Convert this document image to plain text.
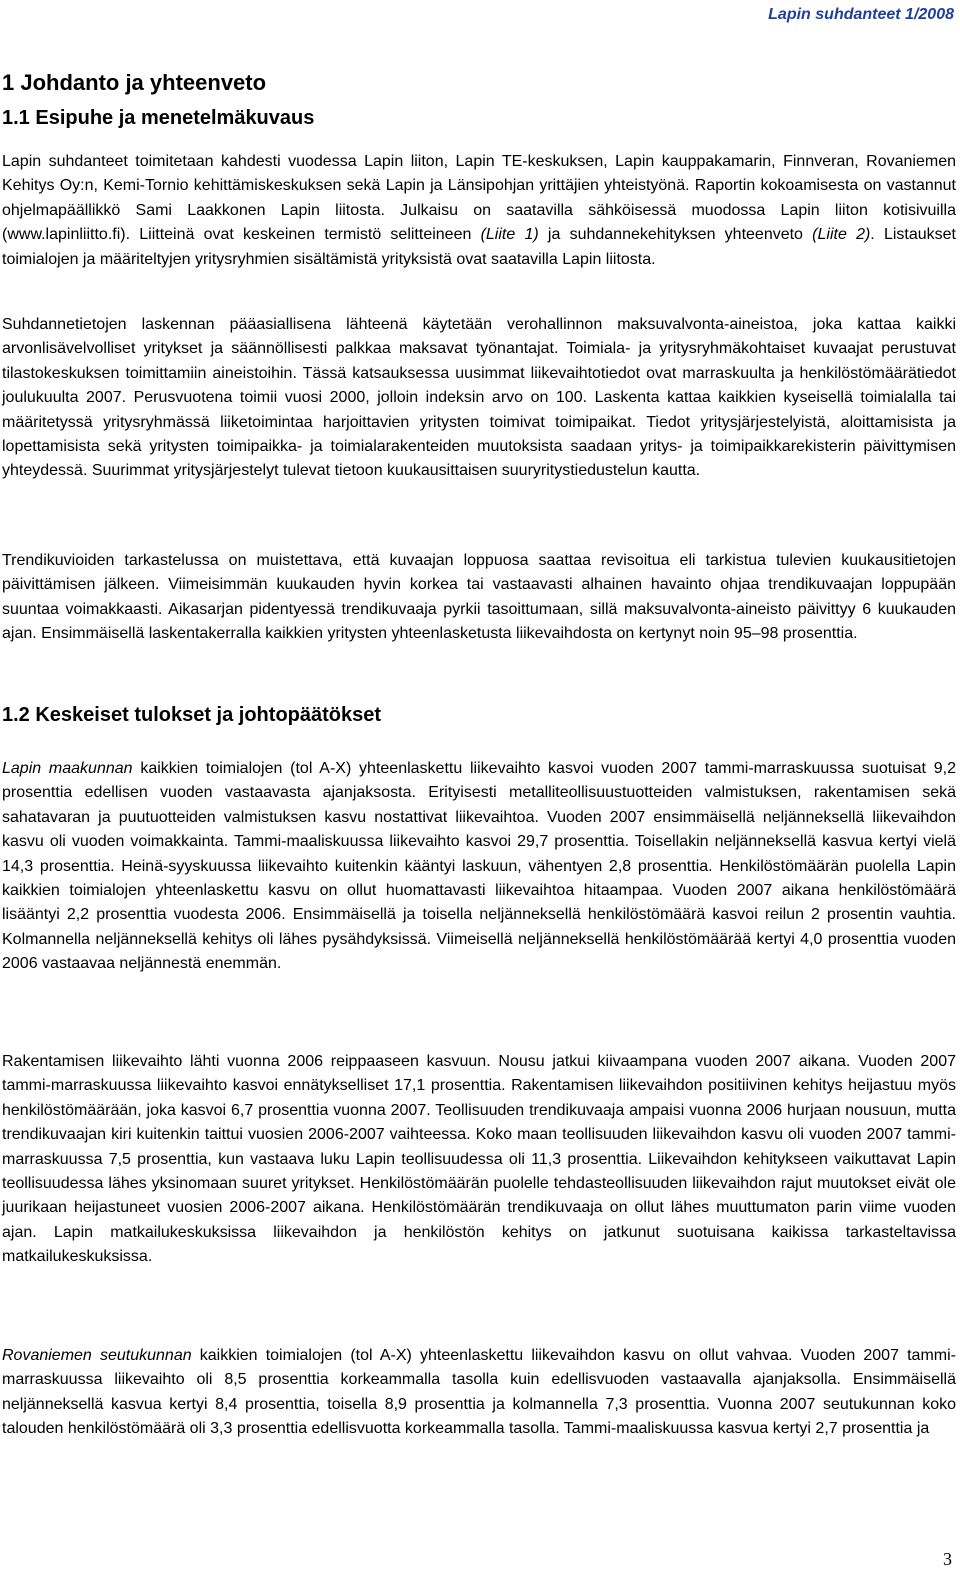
Lapin suhdanteet 1/2008
1 Johdanto ja yhteenveto
1.1 Esipuhe ja menetelmäkuvaus

Lapin suhdanteet toimitetaan kahdesti vuodessa Lapin liiton, Lapin TE-keskuksen, Lapin kauppakamarin, Finnveran, Rovaniemen Kehitys Oy:n, Kemi-Tornio kehittämiskeskuksen sekä Lapin ja Länsipohjan yrittäjien yhteistyönä. Raportin kokoamisesta on vastannut ohjelmapäällikkö Sami Laakkonen Lapin liitosta. Julkaisu on saatavilla sähköisessä muodossa Lapin liiton kotisivuilla (www.lapinliitto.fi). Liitteinä ovat keskeinen termistö selitteineen (Liite 1) ja suhdannekehityksen yhteenveto (Liite 2). Listaukset toimialojen ja määriteltyjen yritysryhmien sisältämistä yrityksistä ovat saatavilla Lapin liitosta.

Suhdannetietojen laskennan pääasiallisena lähteenä käytetään verohallinnon maksuvalvonta-aineistoa, joka kattaa kaikki arvonlisävelvolliset yritykset ja säännöllisesti palkkaa maksavat työnantajat. Toimiala- ja yritysryhmäkohtaiset kuvaajat perustuvat tilastokeskuksen toimittamiin aineistoihin. Tässä katsauksessa uusimmat liikevaihtotiedot ovat marraskuulta ja henkilöstömäärätiedot joulukuulta 2007. Perusvuotena toimii vuosi 2000, jolloin indeksin arvo on 100. Laskenta kattaa kaikkien kyseisellä toimialalla tai määritetyssä yritysryhmässä liiketoimintaa harjoittavien yritysten toimivat toimipaikat. Tiedot yritysjärjestelyistä, aloittamisista ja lopettamisista sekä yritysten toimipaikka- ja toimialarakenteiden muutoksista saadaan yritys- ja toimipaikkarekisterin päivittymisen yhteydessä. Suurimmat yritysjärjestelyt tulevat tietoon kuukausittaisen suuryritystiedustelun kautta.

Trendikuvioiden tarkastelussa on muistettava, että kuvaajan loppuosa saattaa revisoitua eli tarkistua tulevien kuukausitietojen päivittämisen jälkeen. Viimeisimmän kuukauden hyvin korkea tai vastaavasti alhainen havainto ohjaa trendikuvaajan loppupään suuntaa voimakkaasti. Aikasarjan pidentyessä trendikuvaaja pyrkii tasoittumaan, sillä maksuvalvonta-aineisto päivittyy 6 kuukauden ajan. Ensimmäisellä laskentakerralla kaikkien yritysten yhteenlasketusta liikevaihdosta on kertynyt noin 95–98 prosenttia.

1.2 Keskeiset tulokset ja johtopäätökset

Lapin maakunnan kaikkien toimialojen (tol A-X) yhteenlaskettu liikevaihto kasvoi vuoden 2007 tammi-marraskuussa suotuisat 9,2 prosenttia edellisen vuoden vastaavasta ajanjaksosta. Erityisesti metalliteollisuustuotteiden valmistuksen, rakentamisen sekä sahatavaran ja puutuotteiden valmistuksen kasvu nostattivat liikevaihtoa. Vuoden 2007 ensimmäisellä neljänneksellä liikevaihdon kasvu oli vuoden voimakkainta. Tammi-maaliskuussa liikevaihto kasvoi 29,7 prosenttia. Toisellakin neljänneksellä kasvua kertyi vielä 14,3 prosenttia. Heinä-syyskuussa liikevaihto kuitenkin kääntyi laskuun, vähentyen 2,8 prosenttia. Henkilöstömäärän puolella Lapin kaikkien toimialojen yhteenlaskettu kasvu on ollut huomattavasti liikevaihtoa hitaampaa. Vuoden 2007 aikana henkilöstömäärä lisääntyi 2,2 prosenttia vuodesta 2006. Ensimmäisellä ja toisella neljänneksellä henkilöstömäärä kasvoi reilun 2 prosentin vauhtia. Kolmannella neljänneksellä kehitys oli lähes pysähdyksissä. Viimeisellä neljänneksellä henkilöstömäärää kertyi 4,0 prosenttia vuoden 2006 vastaavaa neljännestä enemmän.

Rakentamisen liikevaihto lähti vuonna 2006 reippaaseen kasvuun. Nousu jatkui kiivaampana vuoden 2007 aikana. Vuoden 2007 tammi-marraskuussa liikevaihto kasvoi ennätykselliset 17,1 prosenttia. Rakentamisen liikevaihdon positiivinen kehitys heijastuu myös henkilöstömäärään, joka kasvoi 6,7 prosenttia vuonna 2007. Teollisuuden trendikuvaaja ampaisi vuonna 2006 hurjaan nousuun, mutta trendikuvaajan kiri kuitenkin taittui vuosien 2006-2007 vaihteessa. Koko maan teollisuuden liikevaihdon kasvu oli vuoden 2007 tammi-marraskuussa 7,5 prosenttia, kun vastaava luku Lapin teollisuudessa oli 11,3 prosenttia. Liikevaihdon kehitykseen vaikuttavat Lapin teollisuudessa lähes yksinomaan suuret yritykset. Henkilöstömäärän puolelle tehdasteollisuuden liikevaihdon rajut muutokset eivät ole juurikaan heijastuneet vuosien 2006-2007 aikana. Henkilöstömäärän trendikuvaaja on ollut lähes muuttumaton parin viime vuoden ajan. Lapin matkailukeskuksissa liikevaihdon ja henkilöstön kehitys on jatkunut suotuisana kaikissa tarkasteltavissa matkailukeskuksissa.

Rovaniemen seutukunnan kaikkien toimialojen (tol A-X) yhteenlaskettu liikevaihdon kasvu on ollut vahvaa. Vuoden 2007 tammi-marraskuussa liikevaihto oli 8,5 prosenttia korkeammalla tasolla kuin edellisvuoden vastaavalla ajanjaksolla. Ensimmäisellä neljänneksellä kasvua kertyi 8,4 prosenttia, toisella 8,9 prosenttia ja kolmannella 7,3 prosenttia. Vuonna 2007 seutukunnan koko talouden henkilöstömäärä oli 3,3 prosenttia edellisvuotta korkeammalla tasolla. Tammi-maaliskuussa kasvua kertyi 2,7 prosenttia ja

3
